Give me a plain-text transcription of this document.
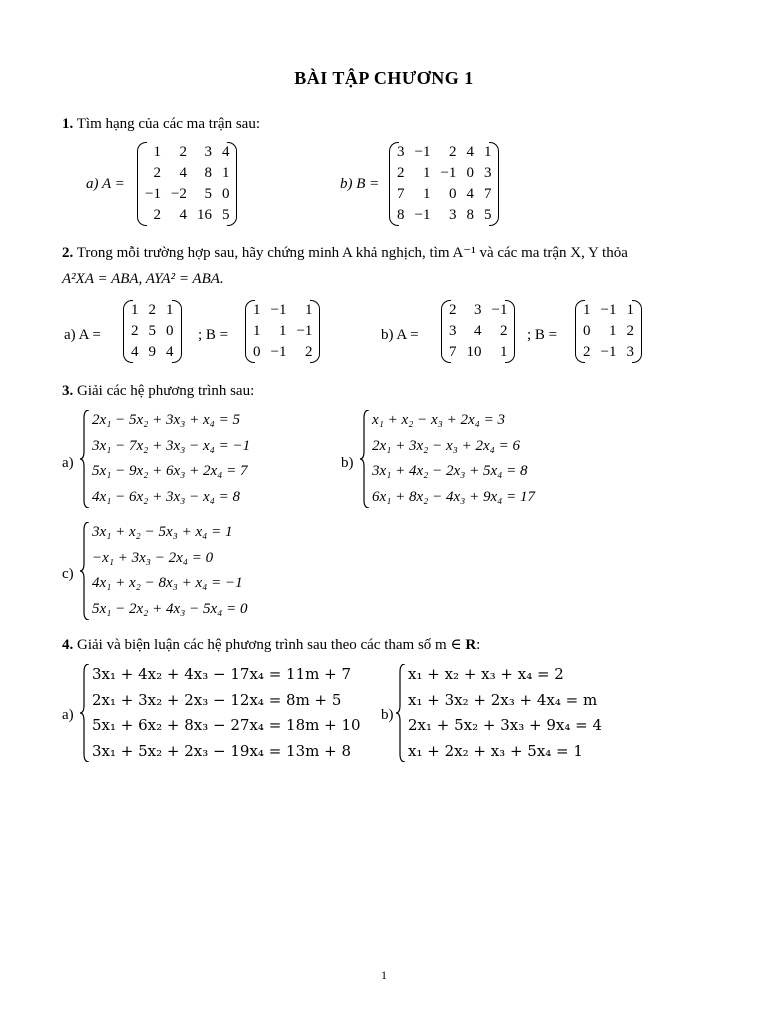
BÀI TẬP CHƯƠNG 1
1. Tìm hạng của các ma trận sau:
a) A =
1	2	3	4
2	4	8	1
−1	−2	5	0
2	4	16	5
b) B =
3	−1	2	4	1
2	1	−1	0	3
7	1	0	4	7
8	−1	3	8	5
2. Trong mỗi trường hợp sau, hãy chứng minh A khả nghịch, tìm A⁻¹ và các ma trận X, Y thỏa
A²XA = ABA, AYA² = ABA.
a) A =
1	2	1
2	5	0
4	9	4
; B =
1	−1	1
1	1	−1
0	−1	2
b) A =
2	3	−1
3	4	2
7	10	1
; B =
1	−1	1
0	1	2
2	−1	3
3. Giải các hệ phương trình sau:
a)
2x₁ − 5x₂ + 3x₃ + x₄ = 5
3x₁ − 7x₂ + 3x₃ − x₄ = −1
5x₁ − 9x₂ + 6x₃ + 2x₄ = 7
4x₁ − 6x₂ + 3x₃ − x₄ = 8
b)
x₁ + x₂ − x₃ + 2x₄ = 3
2x₁ + 3x₂ − x₃ + 2x₄ = 6
3x₁ + 4x₂ − 2x₃ + 5x₄ = 8
6x₁ + 8x₂ − 4x₃ + 9x₄ = 17
c)
3x₁ + x₂ − 5x₃ + x₄ = 1
−x₁ + 3x₃ − 2x₄ = 0
4x₁ + x₂ − 8x₃ + x₄ = −1
5x₁ − 2x₂ + 4x₃ − 5x₄ = 0
4. Giải và biện luận các hệ phương trình sau theo các tham số m ∈ R:
a)
3x₁ + 4x₂ + 4x₃ − 17x₄ = 11m + 7
2x₁ + 3x₂ + 2x₃ − 12x₄ = 8m + 5
5x₁ + 6x₂ + 8x₃ − 27x₄ = 18m + 10
3x₁ + 5x₂ + 2x₃ − 19x₄ = 13m + 8
b)
x₁ + x₂ + x₃ + x₄ = 2
x₁ + 3x₂ + 2x₃ + 4x₄ = m
2x₁ + 5x₂ + 3x₃ + 9x₄ = 4
x₁ + 2x₂ + x₃ + 5x₄ = 1
1
